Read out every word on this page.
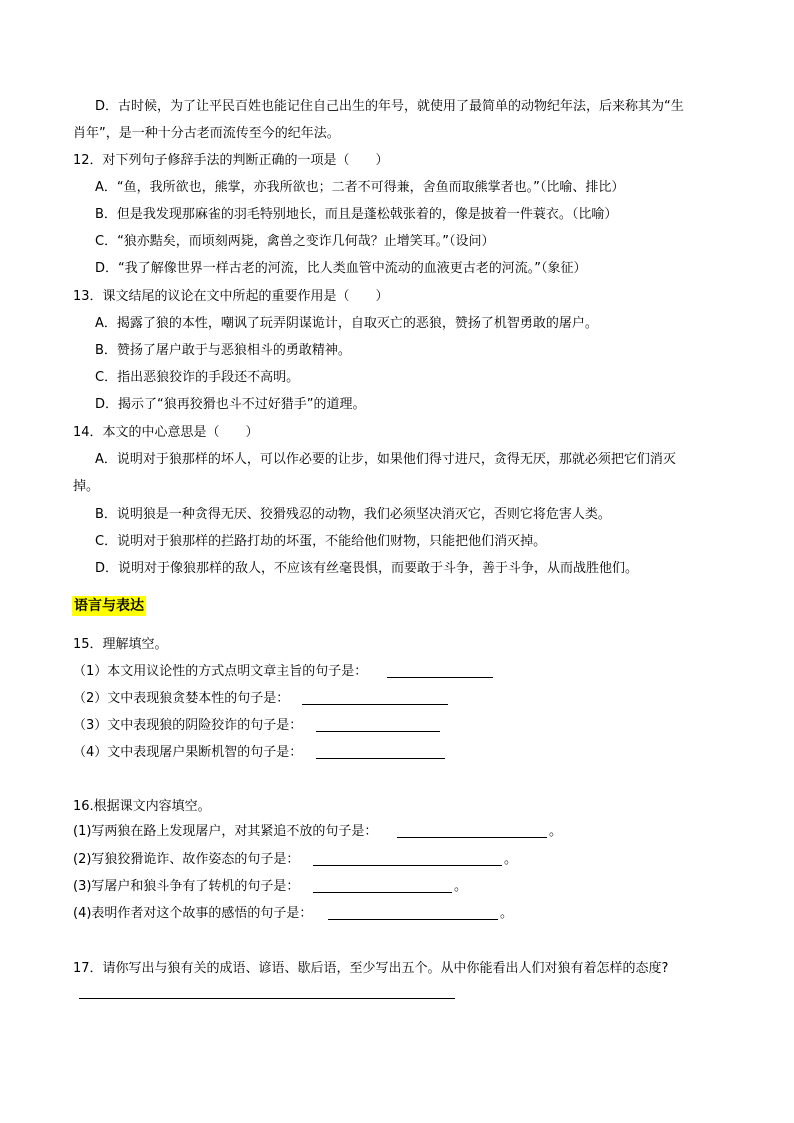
D．古时候，为了让平民百姓也能记住自己出生的年号，就使用了最简单的动物纪年法，后来称其为“生
肖年”，是一种十分古老而流传至今的纪年法。
12．对下列句子修辞手法的判断正确的一项是（　　）
A．“鱼，我所欲也，熊掌，亦我所欲也；二者不可得兼，舍鱼而取熊掌者也。”（比喻、排比）
B．但是我发现那麻雀的羽毛特别地长，而且是蓬松戟张着的，像是披着一件蓑衣。（比喻）
C．“狼亦黠矣，而顷刻两毙，禽兽之变诈几何哉？止增笑耳。”（设问）
D．“我了解像世界一样古老的河流，比人类血管中流动的血液更古老的河流。”（象征）
13．课文结尾的议论在文中所起的重要作用是（　　）
A．揭露了狼的本性，嘲讽了玩弄阴谋诡计，自取灭亡的恶狼，赞扬了机智勇敢的屠户。
B．赞扬了屠户敢于与恶狼相斗的勇敢精神。
C．指出恶狼狡诈的手段还不高明。
D．揭示了“狼再狡猾也斗不过好猎手”的道理。
14．本文的中心意思是（　　）
A．说明对于狼那样的坏人，可以作必要的让步，如果他们得寸进尺，贪得无厌，那就必须把它们消灭
掉。
B．说明狼是一种贪得无厌、狡猾残忍的动物，我们必须坚决消灭它，否则它将危害人类。
C．说明对于狼那样的拦路打劫的坏蛋，不能给他们财物，只能把他们消灭掉。
D．说明对于像狼那样的敌人，不应该有丝毫畏惧，而要敢于斗争，善于斗争，从而战胜他们。
语言与表达
15．理解填空。
（1）本文用议论性的方式点明文章主旨的句子是：
（2）文中表现狼贪婪本性的句子是：
（3）文中表现狼的阴险狡诈的句子是：
（4）文中表现屠户果断机智的句子是：
16.根据课文内容填空。
(1)写两狼在路上发现屠户，对其紧追不放的句子是：	。
(2)写狼狡猾诡诈、故作姿态的句子是：	。
(3)写屠户和狼斗争有了转机的句子是：	。
(4)表明作者对这个故事的感悟的句子是：	。
17．请你写出与狼有关的成语、谚语、歇后语，至少写出五个。从中你能看出人们对狼有着怎样的态度?
